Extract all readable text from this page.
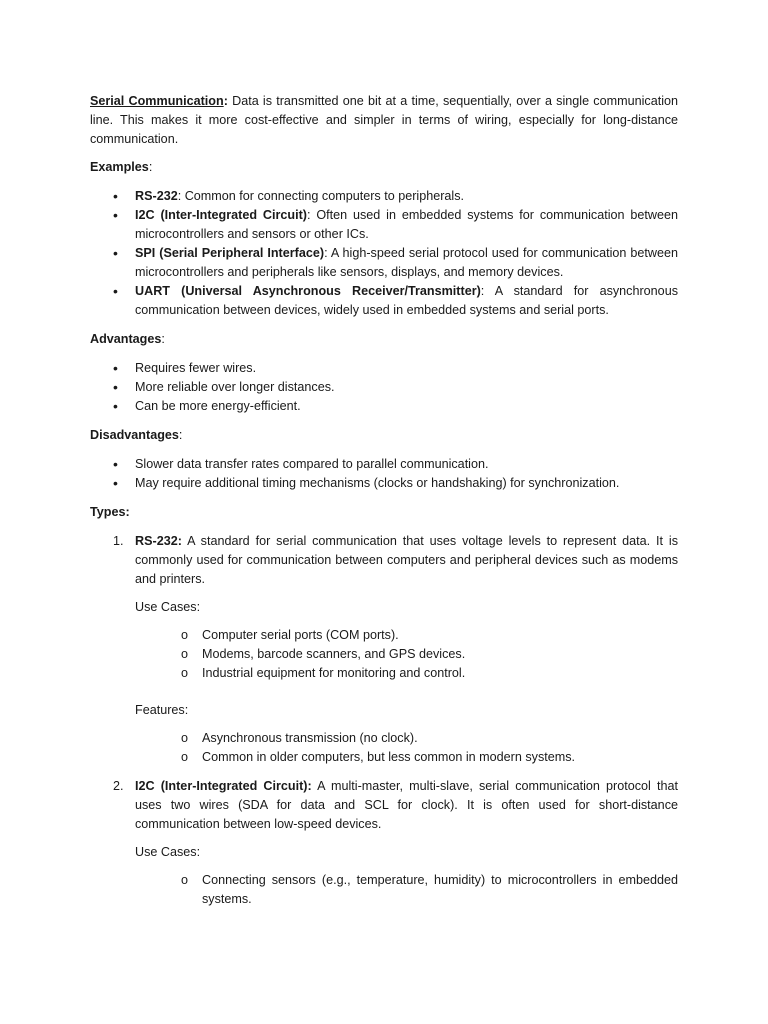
Serial Communication: Data is transmitted one bit at a time, sequentially, over a single communication line. This makes it more cost-effective and simpler in terms of wiring, especially for long-distance communication.

Examples:

• RS-232: Common for connecting computers to peripherals.
• I2C (Inter-Integrated Circuit): Often used in embedded systems for communication between microcontrollers and sensors or other ICs.
• SPI (Serial Peripheral Interface): A high-speed serial protocol used for communication between microcontrollers and peripherals like sensors, displays, and memory devices.
• UART (Universal Asynchronous Receiver/Transmitter): A standard for asynchronous communication between devices, widely used in embedded systems and serial ports.

Advantages:

• Requires fewer wires.
• More reliable over longer distances.
• Can be more energy-efficient.

Disadvantages:

• Slower data transfer rates compared to parallel communication.
• May require additional timing mechanisms (clocks or handshaking) for synchronization.

Types:

1. RS-232: A standard for serial communication that uses voltage levels to represent data. It is commonly used for communication between computers and peripheral devices such as modems and printers.

Use Cases:
o Computer serial ports (COM ports).
o Modems, barcode scanners, and GPS devices.
o Industrial equipment for monitoring and control.
Features:
o Asynchronous transmission (no clock).
o Common in older computers, but less common in modern systems.
2. I2C (Inter-Integrated Circuit): A multi-master, multi-slave, serial communication protocol that uses two wires (SDA for data and SCL for clock). It is often used for short-distance communication between low-speed devices.

Use Cases:
o Connecting sensors (e.g., temperature, humidity) to microcontrollers in embedded systems.
